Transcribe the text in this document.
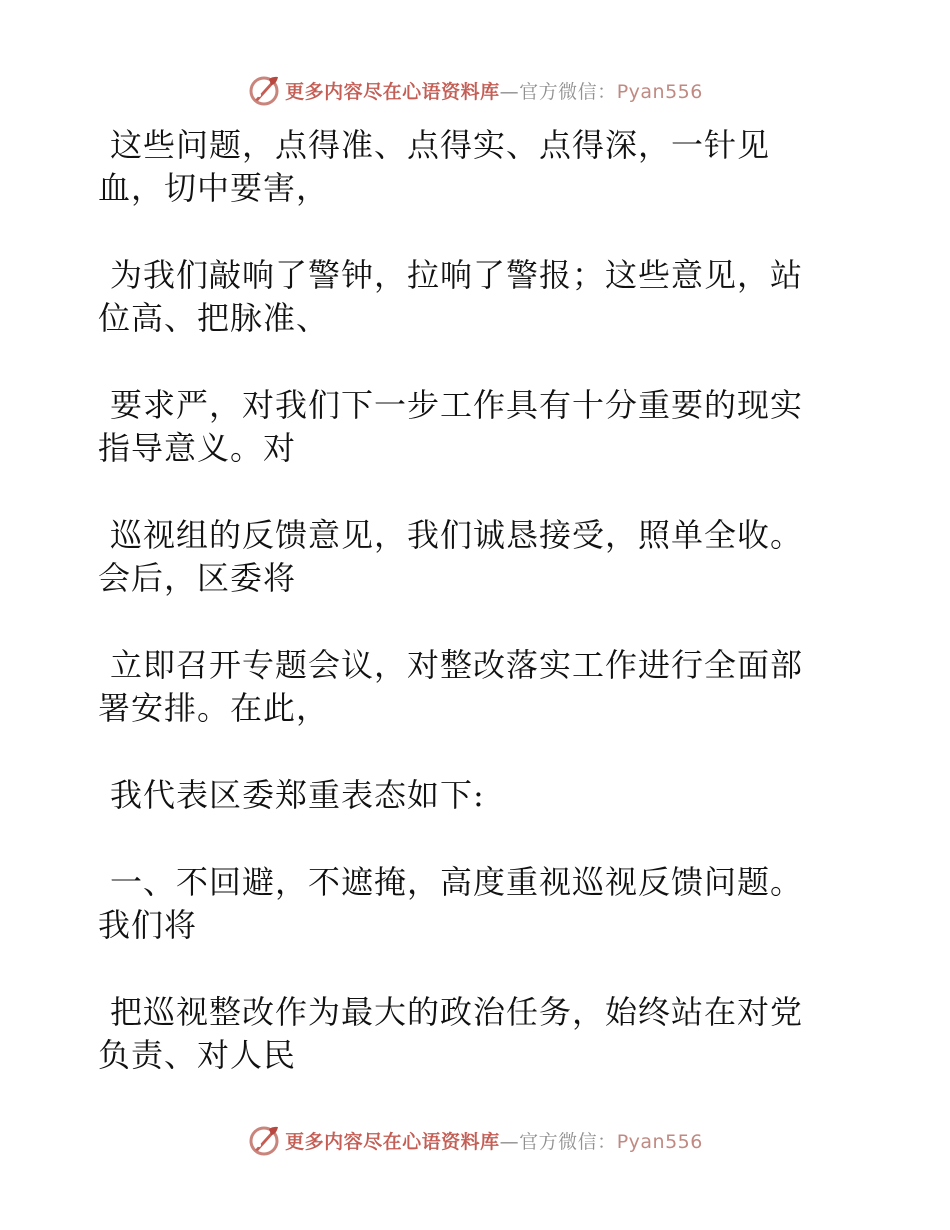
更多内容尽在心语资料库—官方微信：Pyan556

这些问题，点得准、点得实、点得深，一针见
血，切中要害，

为我们敲响了警钟，拉响了警报；这些意见，站
位高、把脉准、

要求严，对我们下一步工作具有十分重要的现实
指导意义。对

巡视组的反馈意见，我们诚恳接受，照单全收。
会后，区委将

立即召开专题会议，对整改落实工作进行全面部
署安排。在此，

我代表区委郑重表态如下:

一、不回避，不遮掩，高度重视巡视反馈问题。
我们将

把巡视整改作为最大的政治任务，始终站在对党
负责、对人民

更多内容尽在心语资料库—官方微信：Pyan556
